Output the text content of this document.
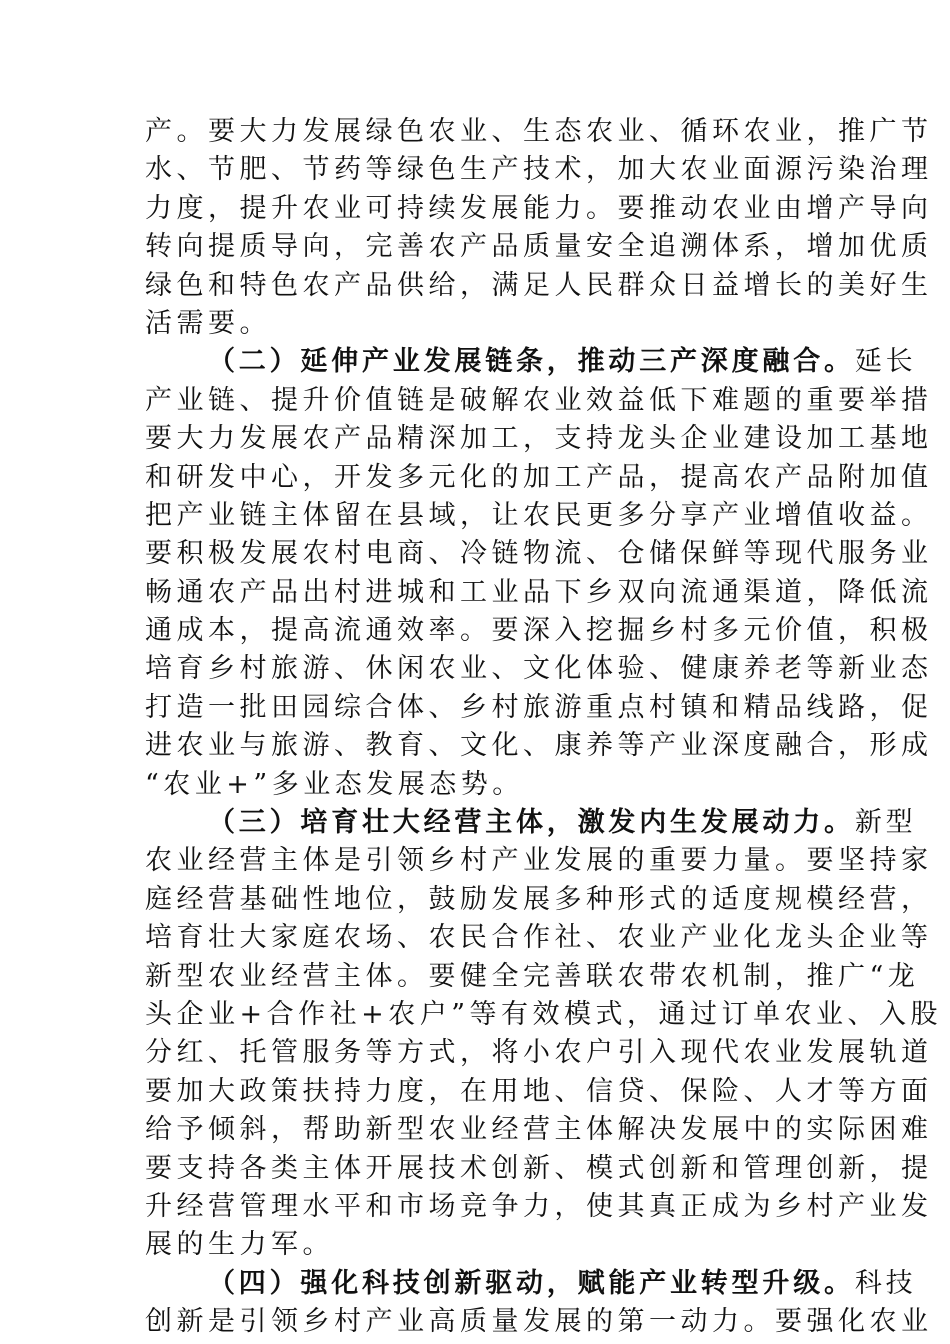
产。要大力发展绿色农业、生态农业、循环农业，推广节
水、节肥、节药等绿色生产技术，加大农业面源污染治理
力度，提升农业可持续发展能力。要推动农业由增产导向
转向提质导向，完善农产品质量安全追溯体系，增加优质
绿色和特色农产品供给，满足人民群众日益增长的美好生
活需要。
（二）延伸产业发展链条，推动三产深度融合。延长
产业链、提升价值链是破解农业效益低下难题的重要举措
要大力发展农产品精深加工，支持龙头企业建设加工基地
和研发中心，开发多元化的加工产品，提高农产品附加值
把产业链主体留在县域，让农民更多分享产业增值收益。
要积极发展农村电商、冷链物流、仓储保鲜等现代服务业
畅通农产品出村进城和工业品下乡双向流通渠道，降低流
通成本，提高流通效率。要深入挖掘乡村多元价值，积极
培育乡村旅游、休闲农业、文化体验、健康养老等新业态
打造一批田园综合体、乡村旅游重点村镇和精品线路，促
进农业与旅游、教育、文化、康养等产业深度融合，形成
“农业+”多业态发展态势。
（三）培育壮大经营主体，激发内生发展动力。新型
农业经营主体是引领乡村产业发展的重要力量。要坚持家
庭经营基础性地位，鼓励发展多种形式的适度规模经营，
培育壮大家庭农场、农民合作社、农业产业化龙头企业等
新型农业经营主体。要健全完善联农带农机制，推广“龙
头企业+合作社+农户”等有效模式，通过订单农业、入股
分红、托管服务等方式，将小农户引入现代农业发展轨道
要加大政策扶持力度，在用地、信贷、保险、人才等方面
给予倾斜，帮助新型农业经营主体解决发展中的实际困难
要支持各类主体开展技术创新、模式创新和管理创新，提
升经营管理水平和市场竞争力，使其真正成为乡村产业发
展的生力军。
（四）强化科技创新驱动，赋能产业转型升级。科技
创新是引领乡村产业高质量发展的第一动力。要强化农业
